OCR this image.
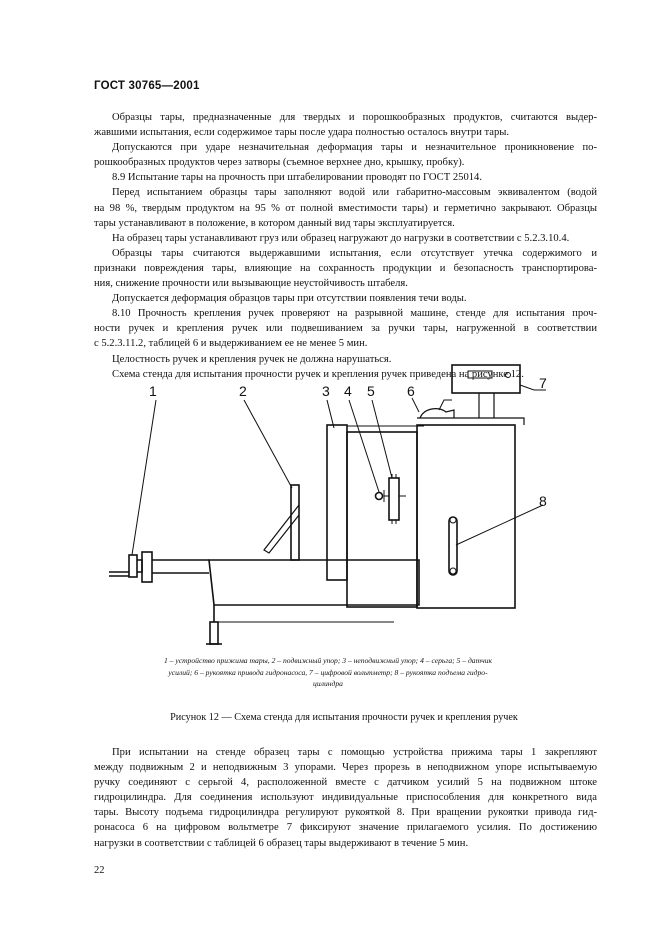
ГОСТ 30765—2001
Образцы тары, предназначенные для твердых и порошкообразных продуктов, считаются выдер-
жавшими испытания, если содержимое тары после удара полностью осталось внутри тары.
Допускаются при ударе незначительная деформация тары и незначительное проникновение по-
рошкообразных продуктов через затворы (съемное верхнее дно, крышку, пробку).
8.9 Испытание тары на прочность при штабелировании проводят по ГОСТ 25014.
Перед испытанием образцы тары заполняют водой или габаритно-массовым эквивалентом (водой
на 98 %, твердым продуктом на 95 % от полной вместимости тары) и герметично закрывают. Образцы
тары устанавливают в положение, в котором данный вид тары эксплуатируется.
На образец тары устанавливают груз или образец нагружают до нагрузки в соответствии с 5.2.3.10.4.
Образцы тары считаются выдержавшими испытания, если отсутствует утечка содержимого и
признаки повреждения тары, влияющие на сохранность продукции и безопасность транспортирова-
ния, снижение прочности или вызывающие неустойчивость штабеля.
Допускается деформация образцов тары при отсутствии появления течи воды.
8.10 Прочность крепления ручек проверяют на разрывной машине, стенде для испытания проч-
ности ручек и крепления ручек или подвешиванием за ручки тары, нагруженной в соответствии
с 5.2.3.11.2, таблицей 6 и выдерживанием ее не менее 5 мин.
Целостность ручек и крепления ручек не должна нарушаться.
Схема стенда для испытания прочности ручек и крепления ручек приведена на рисунке 12.
1	2	3 4 5 6	7
8
1 – устройство прижима тары, 2 – подвижный упор; 3 – неподвижный упор; 4 – серьга; 5 – датчик
усилий; 6 – рукоятка привода гидронасоса, 7 – цифровой вольтметр; 8 – рукоятка подъема гидро-
цилиндра
Рисунок 12 — Схема стенда для испытания прочности ручек и крепления ручек
При испытании на стенде образец тары с помощью устройства прижима тары 1 закрепляют
между подвижным 2 и неподвижным 3 упорами. Через прорезь в неподвижном упоре испытываемую
ручку соединяют с серьгой 4, расположенной вместе с датчиком усилий 5 на подвижном штоке
гидроцилиндра. Для соединения используют индивидуальные приспособления для конкретного вида
тары. Высоту подъема гидроцилиндра регулируют рукояткой 8. При вращении рукоятки привода гид-
ронасоса 6 на цифровом вольтметре 7 фиксируют значение прилагаемого усилия. По достижению
нагрузки в соответствии с таблицей 6 образец тары выдерживают в течение 5 мин.
22
